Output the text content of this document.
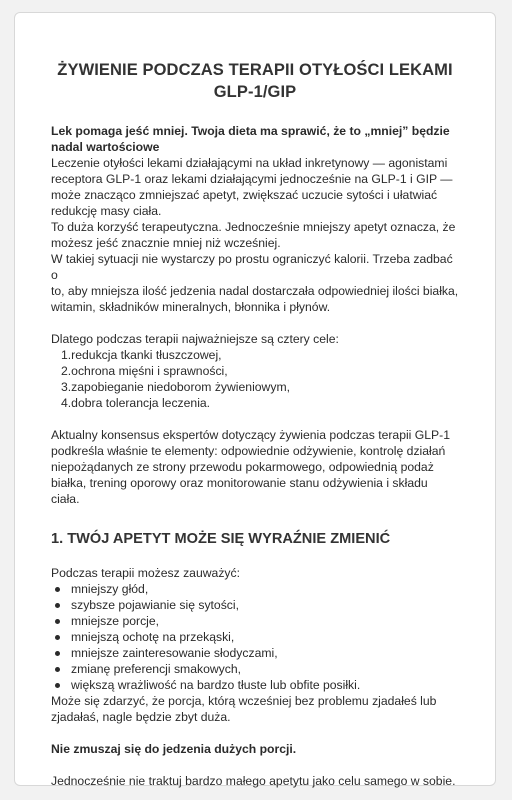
ŻYWIENIE PODCZAS TERAPII OTYŁOŚCI LEKAMI
GLP-1/GIP
Lek pomaga jeść mniej. Twoja dieta ma sprawić, że to „mniej” będzie
nadal wartościowe
Leczenie otyłości lekami działającymi na układ inkretynowy — agonistami
receptora GLP-1 oraz lekami działającymi jednocześnie na GLP-1 i GIP —
może znacząco zmniejszać apetyt, zwiększać uczucie sytości i ułatwiać
redukcję masy ciała.
To duża korzyść terapeutyczna. Jednocześnie mniejszy apetyt oznacza, że
możesz jeść znacznie mniej niż wcześniej.
W takiej sytuacji nie wystarczy po prostu ograniczyć kalorii. Trzeba zadbać o
to, aby mniejsza ilość jedzenia nadal dostarczała odpowiedniej ilości białka,
witamin, składników mineralnych, błonnika i płynów.
Dlatego podczas terapii najważniejsze są cztery cele:
1.redukcja tkanki tłuszczowej,
2.ochrona mięśni i sprawności,
3.zapobieganie niedoborom żywieniowym,
4.dobra tolerancja leczenia.
Aktualny konsensus ekspertów dotyczący żywienia podczas terapii GLP-1
podkreśla właśnie te elementy: odpowiednie odżywienie, kontrolę działań
niepożądanych ze strony przewodu pokarmowego, odpowiednią podaż
białka, trening oporowy oraz monitorowanie stanu odżywienia i składu ciała.
1. TWÓJ APETYT MOŻE SIĘ WYRAŹNIE ZMIENIĆ
Podczas terapii możesz zauważyć:
mniejszy głód,
szybsze pojawianie się sytości,
mniejsze porcje,
mniejszą ochotę na przekąski,
mniejsze zainteresowanie słodyczami,
zmianę preferencji smakowych,
większą wrażliwość na bardzo tłuste lub obfite posiłki.
Może się zdarzyć, że porcja, którą wcześniej bez problemu zjadałeś lub
zjadałaś, nagle będzie zbyt duża.
Nie zmuszaj się do jedzenia dużych porcji.
Jednocześnie nie traktuj bardzo małego apetytu jako celu samego w sobie.
